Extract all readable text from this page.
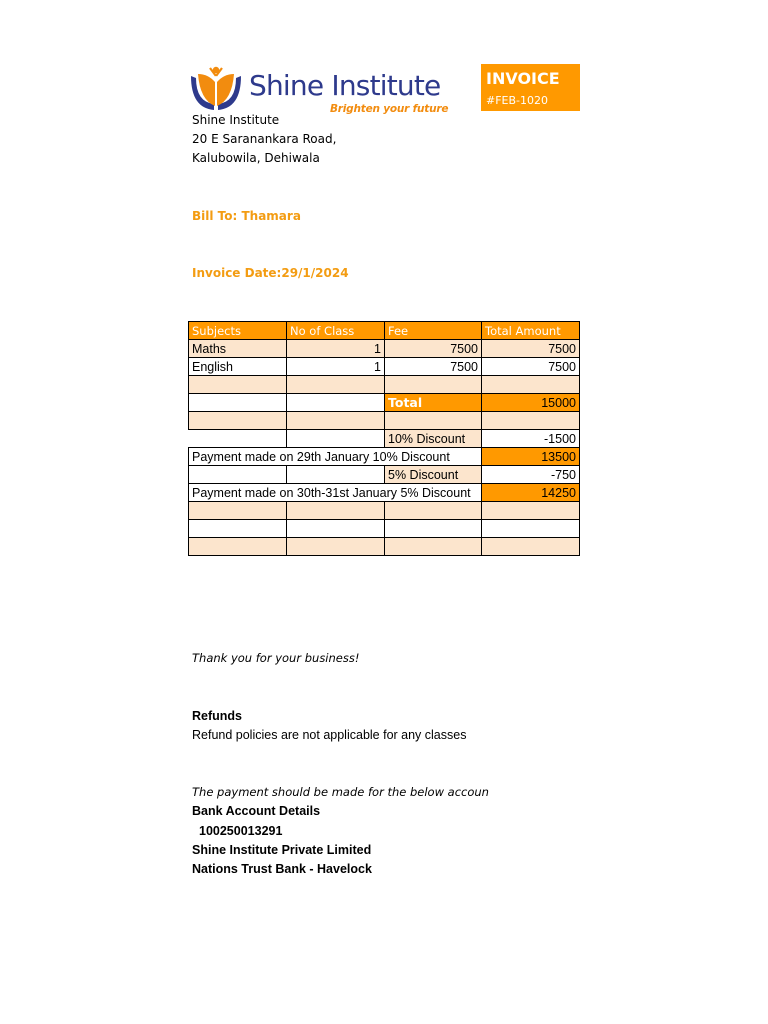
Shine Institute
Brighten your future
INVOICE
#FEB-1020
Shine Institute
20 E Saranankara Road,
Kalubowila, Dehiwala
Bill To: Thamara
Invoice Date:29/1/2024
Subjects	No of Class	Fee	Total Amount
Maths	1	7500	7500
English	1	7500	7500

		Total	15000

		10% Discount	-1500
Payment made on 29th January 10% Discount			13500
		5% Discount	-750
Payment made on 30th-31st January 5% Discount			14250

Thank you for your business!
Refunds
Refund policies are not applicable for any classes
The payment should be made for the below accoun
Bank Account Details
100250013291
Shine Institute Private Limited
Nations Trust Bank - Havelock
